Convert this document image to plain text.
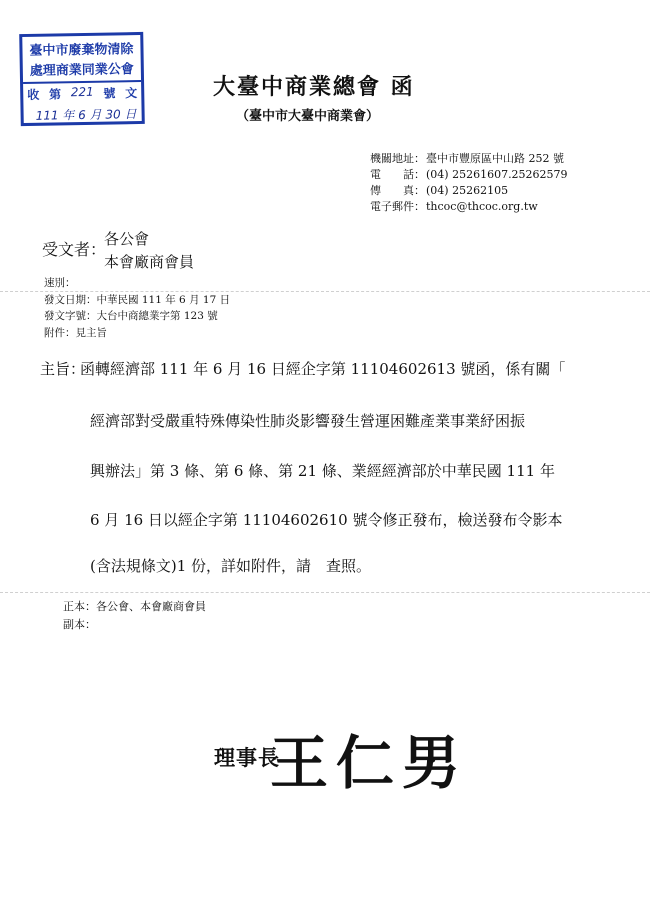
臺中市廢棄物清除
處理商業同業公會
收 第 221 號 文
111 年 6 月 30 日
大臺中商業總會 函
（臺中市大臺中商業會）
機關地址：臺中市豐原區中山路 252 號
電　　話：(04) 25261607.25262579
傳　　真：(04) 25262105
電子郵件：thcoc@thcoc.org.tw
受文者：
各公會
本會廠商會員
速別：
發文日期：中華民國 111 年 6 月 17 日
發文字號：大台中商總業字第 123 號
附件：見主旨
主旨：
函轉經濟部 111 年 6 月 16 日經企字第 11104602613 號函，係有關「
經濟部對受嚴重特殊傳染性肺炎影響發生營運困難產業事業紓困振
興辦法」第 3 條、第 6 條、第 21 條、業經經濟部於中華民國 111 年
6 月 16 日以經企字第 11104602610 號令修正發布，檢送發布令影本
(含法規條文)1 份，詳如附件，請　查照。
正本：各公會、本會廠商會員
副本：
理事長
王仁男
